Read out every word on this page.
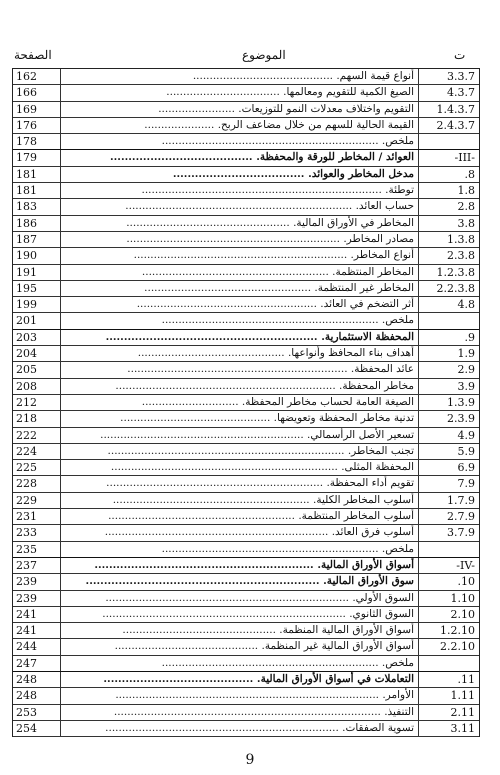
الصفحة	الموضوع	ت
162	أنواع قيمة السهم. ..........................................	3.3.7
166	الصيغ الكمية للتقويم ومعالمها. ..................................	4.3.7
169	التقويم واختلاف معدلات النمو للتوزيعات. .......................	1.4.3.7
176	القيمة الحالية للسهم من خلال مضاعف الربح. .....................	2.4.3.7
178	ملخص. .................................................................
179	العوائد / المخاطر للورقة والمحفظة. .......................................	-III-
181	مدخل المخاطر والعوائد. ....................................	.8
181	توطئة. ........................................................................	1.8
183	حساب العائد. ....................................................................	2.8
186	المخاطر في الأوراق المالية. .................................................	3.8
187	مصادر المخاطر. ................................................................	1.3.8
190	أنواع المخاطر. ................................................................	2.3.8
191	المخاطر المنتظمة. ........................................................	1.2.3.8
195	المخاطر غير المنتظمة. ..................................................	2.2.3.8
199	أثر التضخم في العائد. ......................................................	4.8
201	ملخص. .................................................................
203	المحفظة الاستثمارية. ..........................................................	.9
204	أهداف بناء المحافظ وأنواعها. ............................................	1.9
205	عائد المحفظة. ..................................................................	2.9
208	مخاطر المحفظة. ..................................................................	3.9
212	الصيغة العامة لحساب مخاطر المحفظة. .............................	1.3.9
218	تدنية مخاطر المحفظة وتعويضها. .............................................	2.3.9
222	تسعير الأصل الرأسمالي. .............................................................	4.9
224	تجنب المخاطر. .......................................................................	5.9
225	المحفظة المثلى. ....................................................................	6.9
228	تقويم أداء المحفظة. .................................................................	7.9
229	أسلوب المخاطر الكلية. ...........................................................	1.7.9
231	أسلوب المخاطر المنتظمة. ........................................................	2.7.9
233	أسلوب فرق العائد. ...................................................................	3.7.9
235	ملخص. .................................................................
237	أسواق الأوراق المالية. ............................................................	-IV-
239	سوق الأوراق المالية. ................................................................	.10
239	السوق الأولي. .........................................................................	1.10
241	السوق الثانوي. .........................................................................	2.10
241	أسواق الأوراق المالية المنظمة. ..............................................	1.2.10
244	أسواق الأوراق المالية غير المنظمة. ...........................................	2.2.10
247	ملخص. .................................................................
248	التعاملات في أسواق الأوراق المالية. .........................................	.11
248	الأوامر. ...............................................................................	1.11
253	التنفيذ. ................................................................................	2.11
254	تسوية الصفقات. ......................................................................	3.11
9
